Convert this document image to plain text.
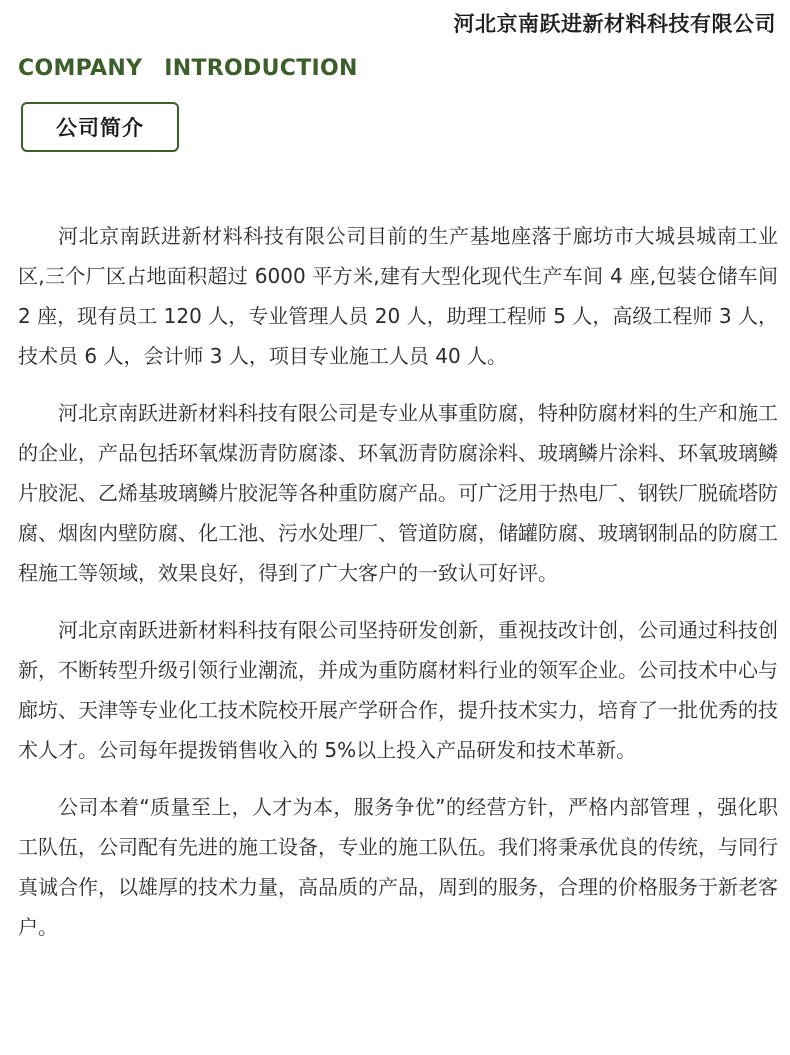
河北京南跃进新材料科技有限公司
COMPANY INTRODUCTION
公司简介

河北京南跃进新材料科技有限公司目前的生产基地座落于廊坊市大城县城南工业区,三个厂区占地面积超过 6000 平方米,建有大型化现代生产车间 4 座,包装仓储车间 2 座，现有员工 120 人，专业管理人员 20 人，助理工程师 5 人，高级工程师 3 人，技术员 6 人，会计师 3 人，项目专业施工人员 40 人。

河北京南跃进新材料科技有限公司是专业从事重防腐，特种防腐材料的生产和施工的企业，产品包括环氧煤沥青防腐漆、环氧沥青防腐涂料、玻璃鳞片涂料、环氧玻璃鳞片胶泥、乙烯基玻璃鳞片胶泥等各种重防腐产品。可广泛用于热电厂、钢铁厂脱硫塔防腐、烟囱内壁防腐、化工池、污水处理厂、管道防腐，储罐防腐、玻璃钢制品的防腐工程施工等领域，效果良好，得到了广大客户的一致认可好评。

河北京南跃进新材料科技有限公司坚持研发创新，重视技改计创，公司通过科技创新，不断转型升级引领行业潮流，并成为重防腐材料行业的领军企业。公司技术中心与廊坊、天津等专业化工技术院校开展产学研合作，提升技术实力，培育了一批优秀的技术人才。公司每年提拨销售收入的 5%以上投入产品研发和技术革新。

公司本着“质量至上，人才为本，服务争优”的经营方针，严格内部管理 ，强化职工队伍，公司配有先进的施工设备，专业的施工队伍。我们将秉承优良的传统，与同行真诚合作，以雄厚的技术力量，高品质的产品，周到的服务，合理的价格服务于新老客户。
